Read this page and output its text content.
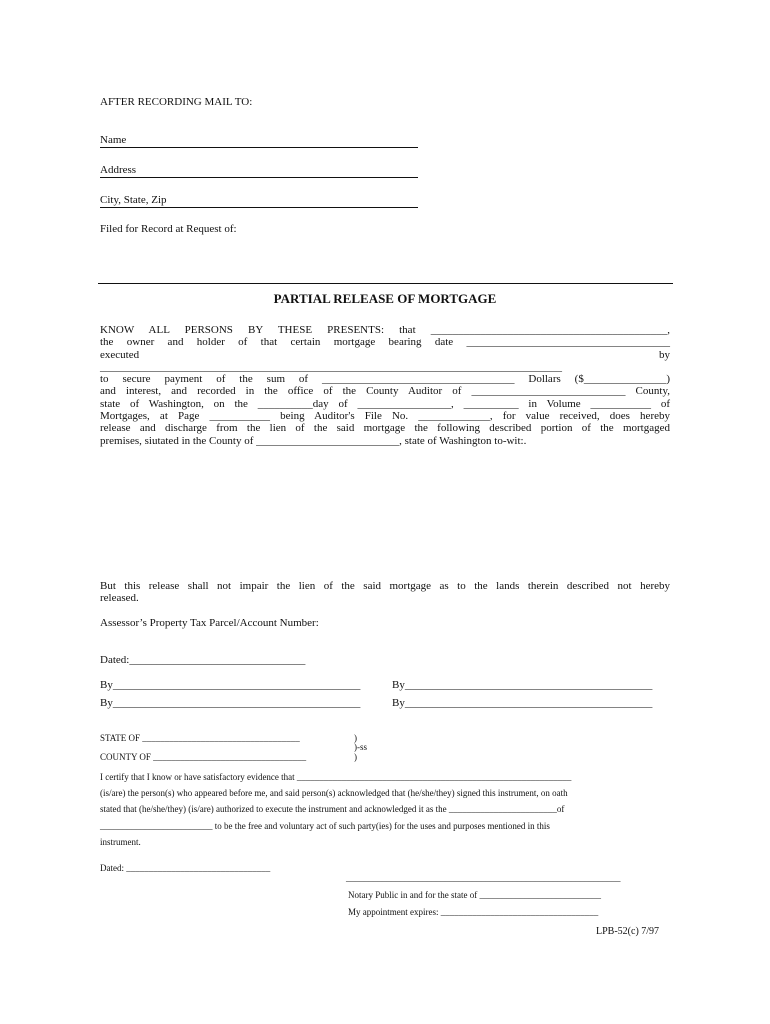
AFTER RECORDING MAIL TO:
Name
Address
City, State, Zip
Filed for Record at Request of:
PARTIAL RELEASE OF MORTGAGE
KNOW ALL PERSONS BY THESE PRESENTS: that ___________________________________________,
the owner and holder of that certain mortgage bearing date _____________________________________
executed	by
____________________________________________________________________________________
to secure payment of the sum of ___________________________________ Dollars ($_______________)
and interest, and recorded in the office of the County Auditor of ____________________________ County,
state of Washington, on the __________day of _________________, __________ in Volume ___________ of
Mortgages, at Page ___________ being Auditor's File No. _____________, for value received, does hereby
release and discharge from the lien of the said mortgage the following described portion of the mortgaged
premises, siutated in the County of __________________________, state of Washington to-wit:.
But this release shall not impair the lien of the said mortgage as to the lands therein described not hereby
released.
Assessor’s Property Tax Parcel/Account Number:
Dated:________________________________
By_____________________________________________	By_____________________________________________
By_____________________________________________	By_____________________________________________
STATE OF ___________________________________	)
)-ss
COUNTY OF __________________________________	)
I certify that I know or have satisfactory evidence that _____________________________________________________________
(is/are) the person(s) who appeared before me, and said person(s) acknowledged that (he/she/they) signed this instrument, on oath
stated that (he/she/they) (is/are) authorized to execute the instrument and acknowledged it as the ________________________of
_________________________ to be the free and voluntary act of such party(ies) for the uses and purposes mentioned in this
instrument.
Dated: ________________________________
_____________________________________________________________
Notary Public in and for the state of ___________________________
My appointment expires: ___________________________________
LPB-52(c) 7/97
